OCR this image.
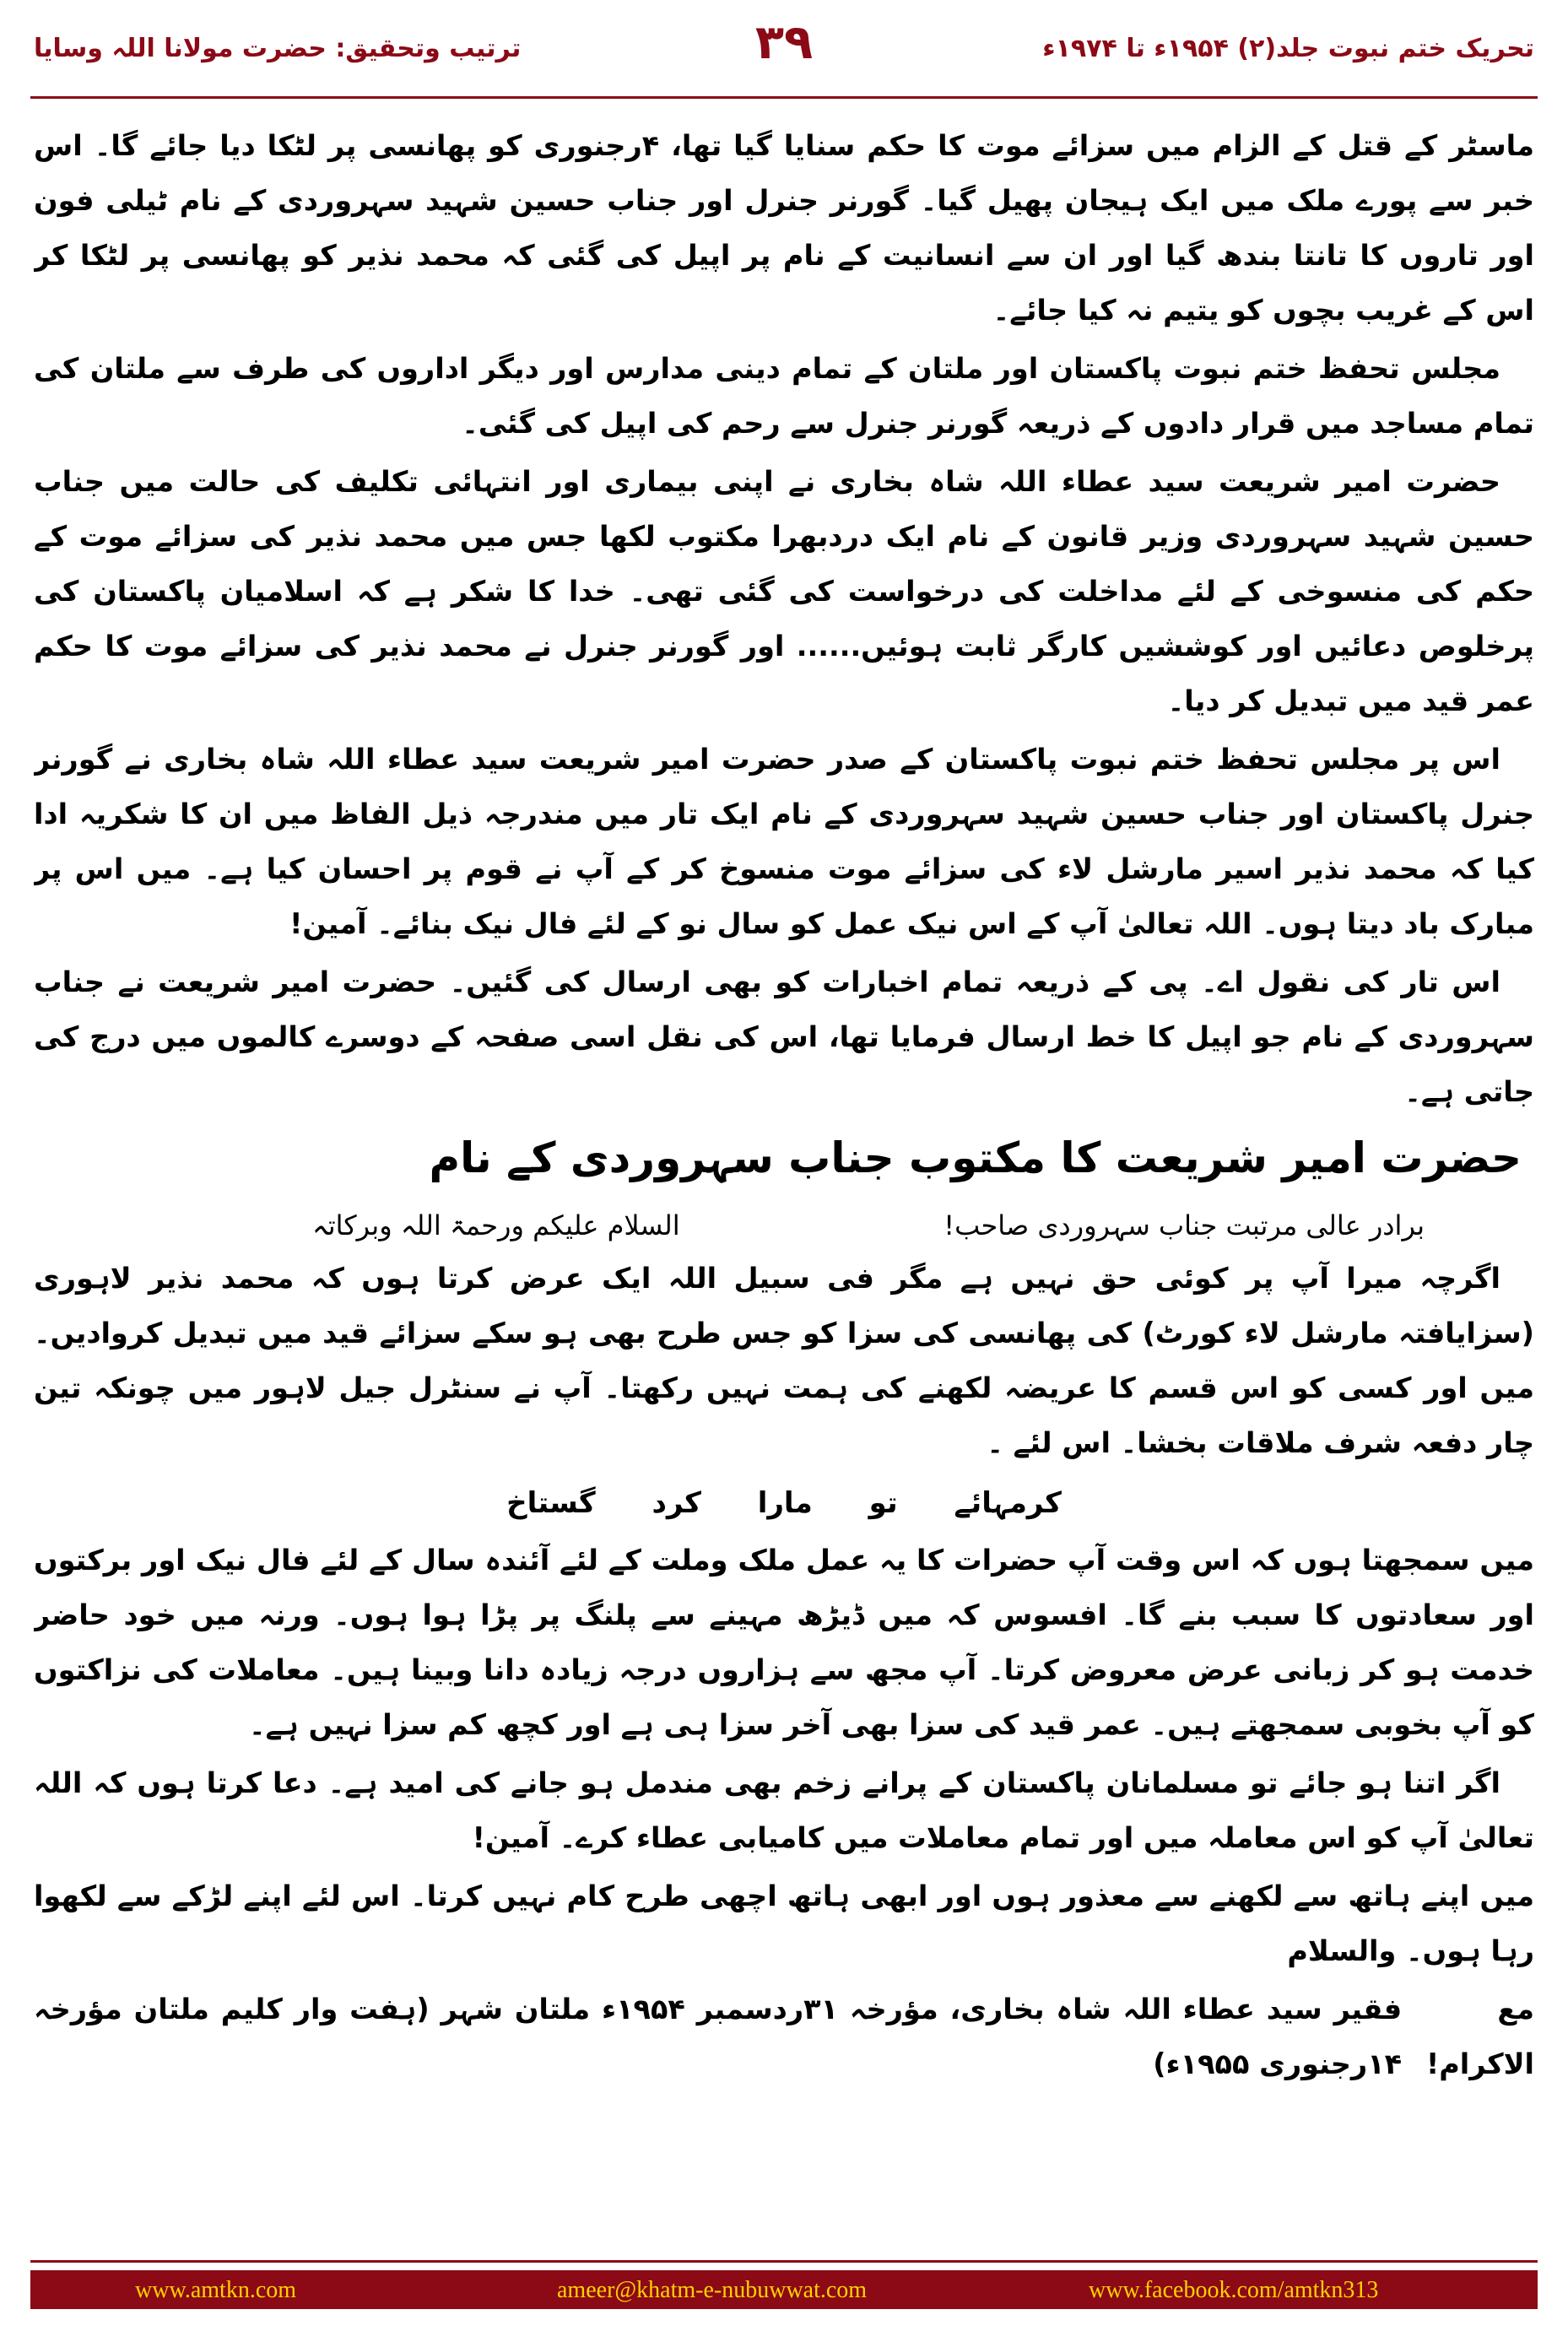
ترتیب وتحقیق: حضرت مولانا اللہ وسایا	۳۹	تحریک ختم نبوت جلد(۲) ۱۹۵۴ء تا ۱۹۷۴ء

ماسٹر کے قتل کے الزام میں سزائے موت کا حکم سنایا گیا تھا، ۴رجنوری کو پھانسی پر لٹکا دیا جائے گا۔ اس خبر سے پورے ملک میں ایک ہیجان پھیل گیا۔ گورنر جنرل اور جناب حسین شہید سہروردی کے نام ٹیلی فون اور تاروں کا تانتا بندھ گیا اور ان سے انسانیت کے نام پر اپیل کی گئی کہ محمد نذیر کو پھانسی پر لٹکا کر اس کے غریب بچوں کو یتیم نہ کیا جائے۔

مجلس تحفظ ختم نبوت پاکستان اور ملتان کے تمام دینی مدارس اور دیگر اداروں کی طرف سے ملتان کی تمام مساجد میں قرار دادوں کے ذریعہ گورنر جنرل سے رحم کی اپیل کی گئی۔

حضرت امیر شریعت سید عطاء اللہ شاہ بخاری نے اپنی بیماری اور انتہائی تکلیف کی حالت میں جناب حسین شہید سہروردی وزیر قانون کے نام ایک دردبھرا مکتوب لکھا جس میں محمد نذیر کی سزائے موت کے حکم کی منسوخی کے لئے مداخلت کی درخواست کی گئی تھی۔ خدا کا شکر ہے کہ اسلامیان پاکستان کی پرخلوص دعائیں اور کوششیں کارگر ثابت ہوئیں...... اور گورنر جنرل نے محمد نذیر کی سزائے موت کا حکم عمر قید میں تبدیل کر دیا۔

اس پر مجلس تحفظ ختم نبوت پاکستان کے صدر حضرت امیر شریعت سید عطاء اللہ شاہ بخاری نے گورنر جنرل پاکستان اور جناب حسین شہید سہروردی کے نام ایک تار میں مندرجہ ذیل الفاظ میں ان کا شکریہ ادا کیا کہ محمد نذیر اسیر مارشل لاء کی سزائے موت منسوخ کر کے آپ نے قوم پر احسان کیا ہے۔ میں اس پر مبارک باد دیتا ہوں۔ اللہ تعالیٰ آپ کے اس نیک عمل کو سال نو کے لئے فال نیک بنائے۔ آمین!

اس تار کی نقول اے۔ پی کے ذریعہ تمام اخبارات کو بھی ارسال کی گئیں۔ حضرت امیر شریعت نے جناب سہروردی کے نام جو اپیل کا خط ارسال فرمایا تھا، اس کی نقل اسی صفحہ کے دوسرے کالموں میں درج کی جاتی ہے۔

حضرت امیر شریعت کا مکتوب جناب سہروردی کے نام
برادر عالی مرتبت جناب سہروردی صاحب!
السلام علیکم ورحمۃ اللہ وبرکاتہ

اگرچہ میرا آپ پر کوئی حق نہیں ہے مگر فی سبیل اللہ ایک عرض کرتا ہوں کہ محمد نذیر لاہوری (سزایافتہ مارشل لاء کورٹ) کی پھانسی کی سزا کو جس طرح بھی ہو سکے سزائے قید میں تبدیل کروادیں۔ میں اور کسی کو اس قسم کا عریضہ لکھنے کی ہمت نہیں رکھتا۔ آپ نے سنٹرل جیل لاہور میں چونکہ تین چار دفعہ شرف ملاقات بخشا۔ اس لئے ۔

کرمہائے تو مارا کرد گستاخ

میں سمجھتا ہوں کہ اس وقت آپ حضرات کا یہ عمل ملک وملت کے لئے آئندہ سال کے لئے فال نیک اور برکتوں اور سعادتوں کا سبب بنے گا۔ افسوس کہ میں ڈیڑھ مہینے سے پلنگ پر پڑا ہوا ہوں۔ ورنہ میں خود حاضر خدمت ہو کر زبانی عرض معروض کرتا۔ آپ مجھ سے ہزاروں درجہ زیادہ دانا وبینا ہیں۔ معاملات کی نزاکتوں کو آپ بخوبی سمجھتے ہیں۔ عمر قید کی سزا بھی آخر سزا ہی ہے اور کچھ کم سزا نہیں ہے۔

اگر اتنا ہو جائے تو مسلمانان پاکستان کے پرانے زخم بھی مندمل ہو جانے کی امید ہے۔ دعا کرتا ہوں کہ اللہ تعالیٰ آپ کو اس معاملہ میں اور تمام معاملات میں کامیابی عطاء کرے۔ آمین!

میں اپنے ہاتھ سے لکھنے سے معذور ہوں اور ابھی ہاتھ اچھی طرح کام نہیں کرتا۔ اس لئے اپنے لڑکے سے لکھوا رہا ہوں۔ والسلام

مع الاکرام!
فقیر سید عطاء اللہ شاہ بخاری، مؤرخہ ۳۱ردسمبر ۱۹۵۴ء ملتان شہر (ہفت وار کلیم ملتان مؤرخہ ۱۴رجنوری ۱۹۵۵ء)
www.amtkn.com	ameer@khatm-e-nubuwwat.com	www.facebook.com/amtkn313
